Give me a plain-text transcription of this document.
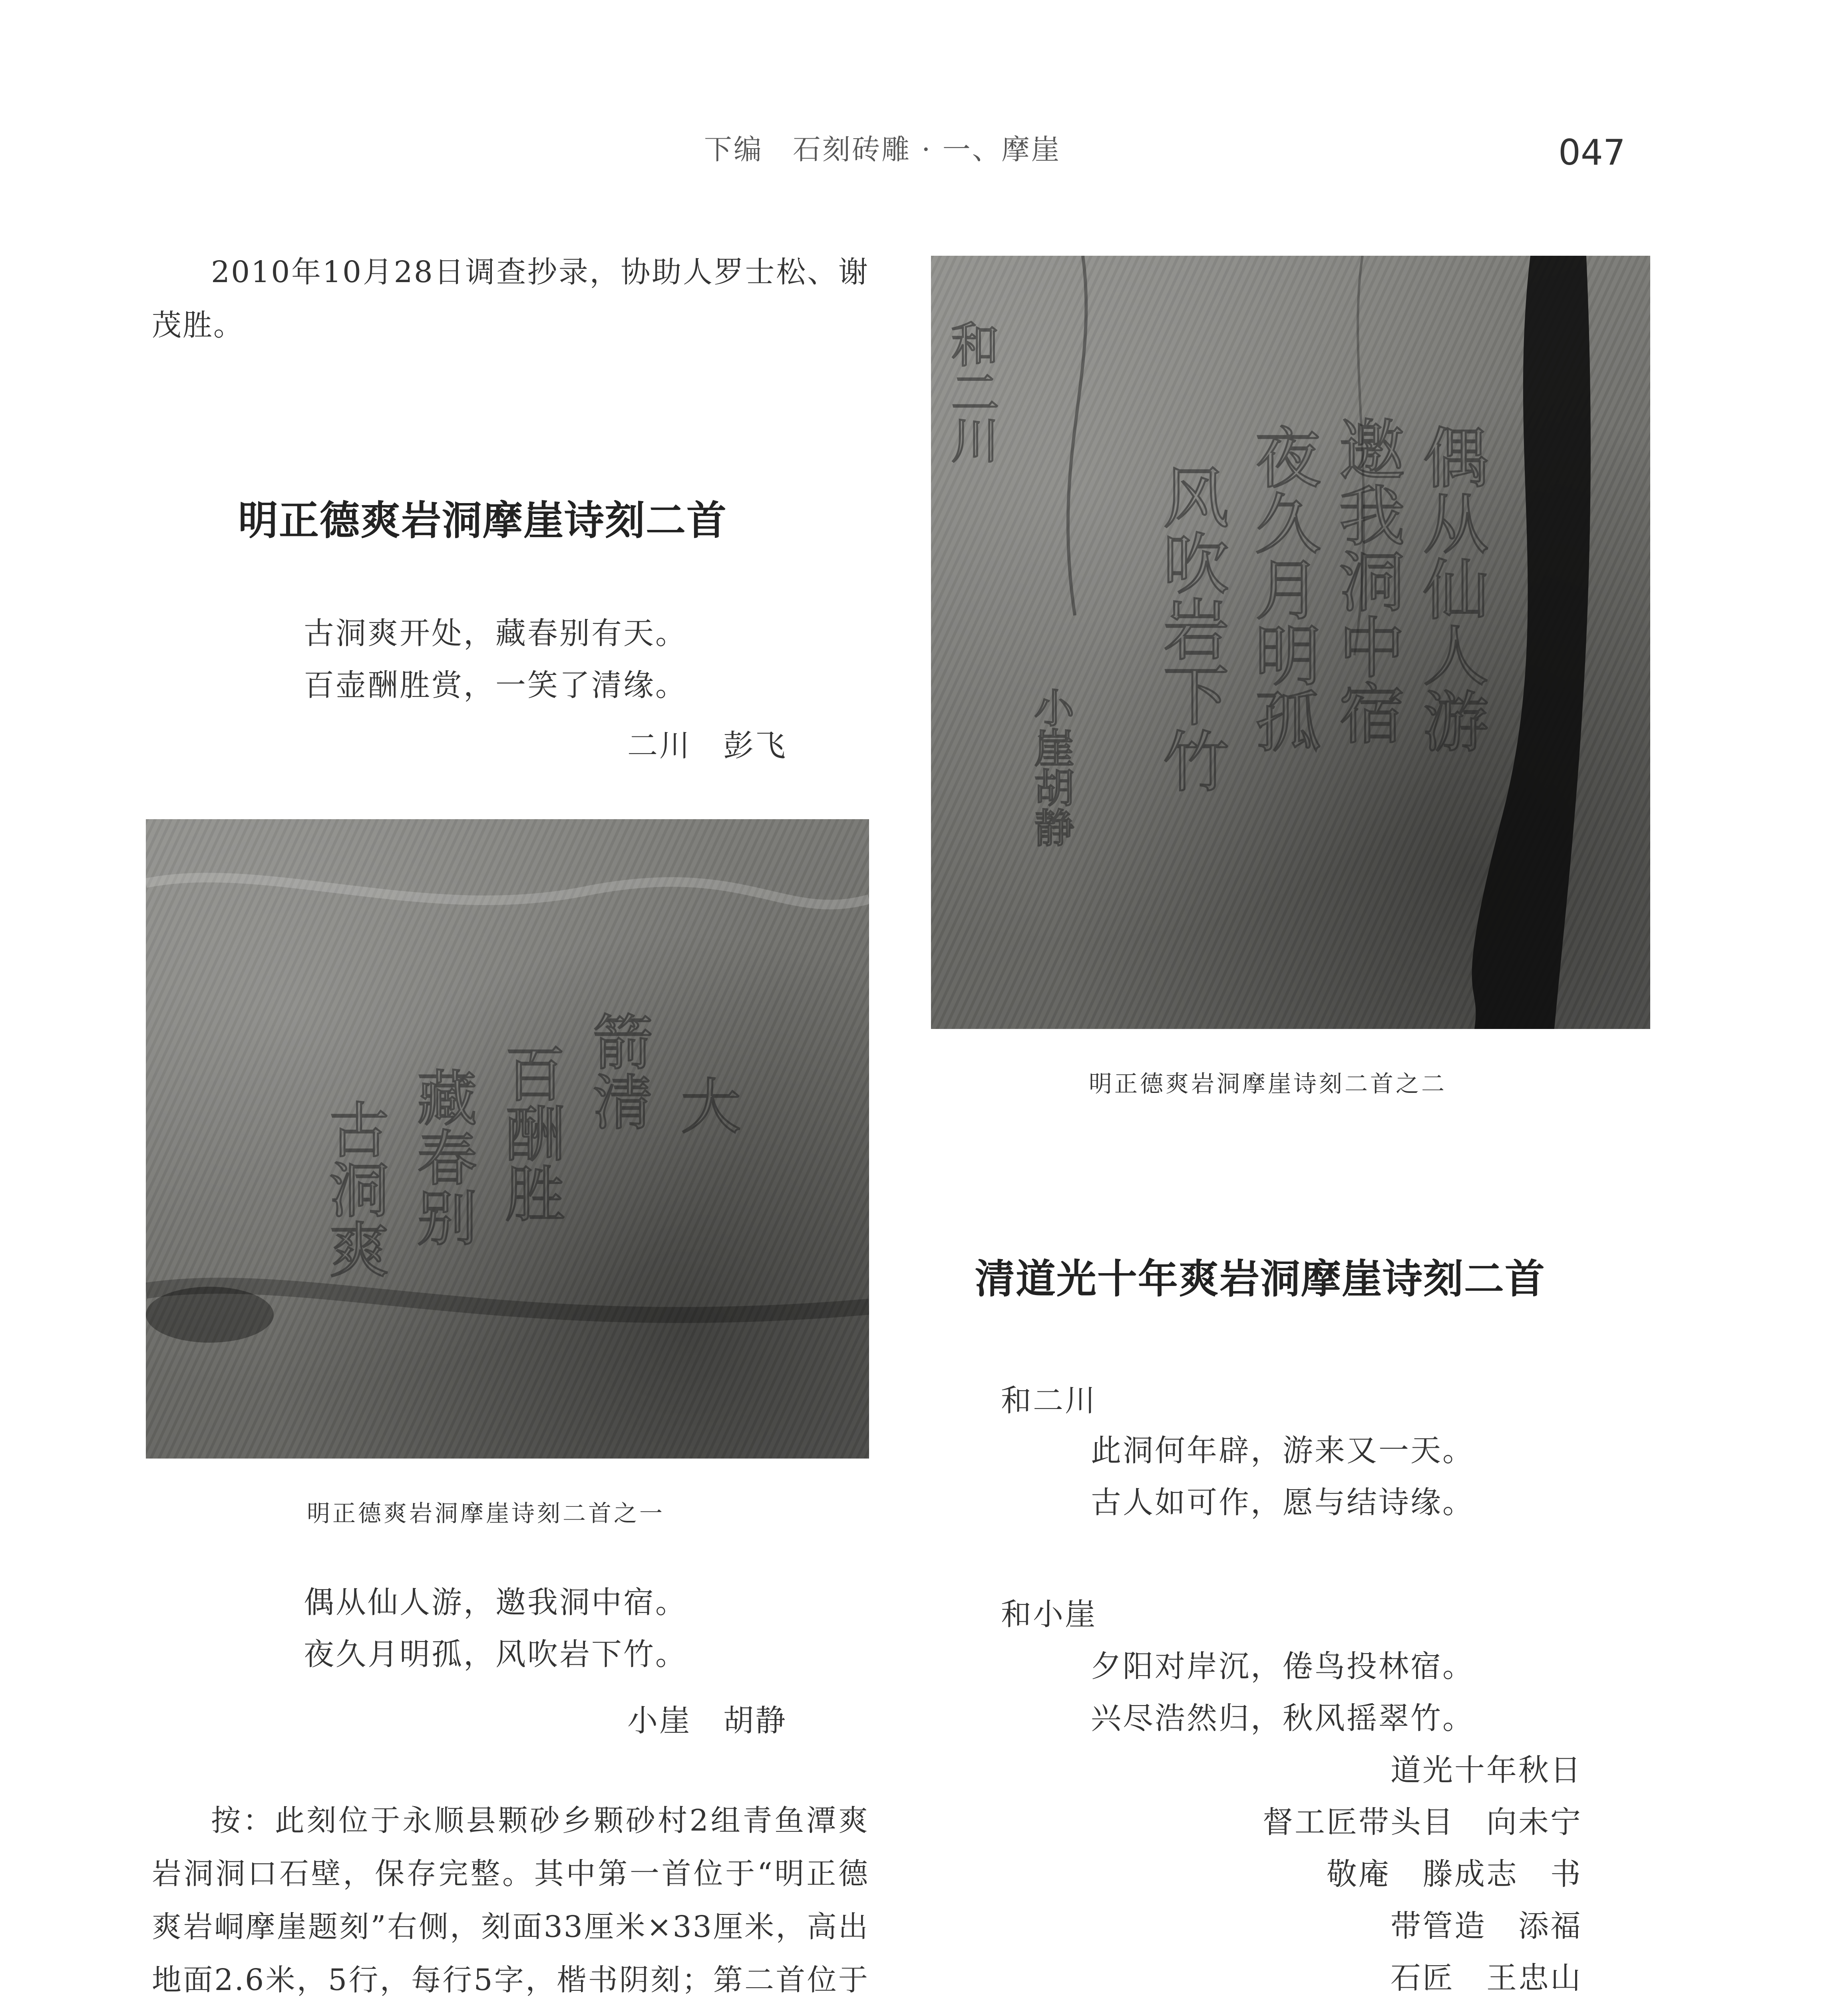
下编　石刻砖雕 · 一、摩崖	047

2010年10月28日调查抄录，协助人罗士松、谢茂胜。

明正德爽岩洞摩崖诗刻二首
古洞爽开处，藏春别有天。
百壶酬胜赏，一笑了清缘。
二川　彭飞
大
箭清
百酬胜
藏春别
古洞爽
明正德爽岩洞摩崖诗刻二首之一
偶从仙人游，邀我洞中宿。
夜久月明孤，风吹岩下竹。
小崖　胡静

按：此刻位于永顺县颗砂乡颗砂村2组青鱼潭爽岩洞洞口石壁，保存完整。其中第一首位于“明正德爽岩峒摩崖题刻”右侧，刻面33厘米×33厘米，高出地面2.6米，5行，每行5字，楷书阴刻；第二首位于

偶从仙人游
邀我洞中宿
夜久月明孤
风吹岩下竹
小崖胡静
和二川
明正德爽岩洞摩崖诗刻二首之二
清道光十年爽岩洞摩崖诗刻二首
和二川
此洞何年辟，游来又一天。
古人如可作，愿与结诗缘。
和小崖
夕阳对岸沉，倦鸟投林宿。
兴尽浩然归，秋风摇翠竹。
道光十年秋日
督工匠带头目　向未宁
敬庵　滕成志　书
带管造　添福
石匠　王忠山
